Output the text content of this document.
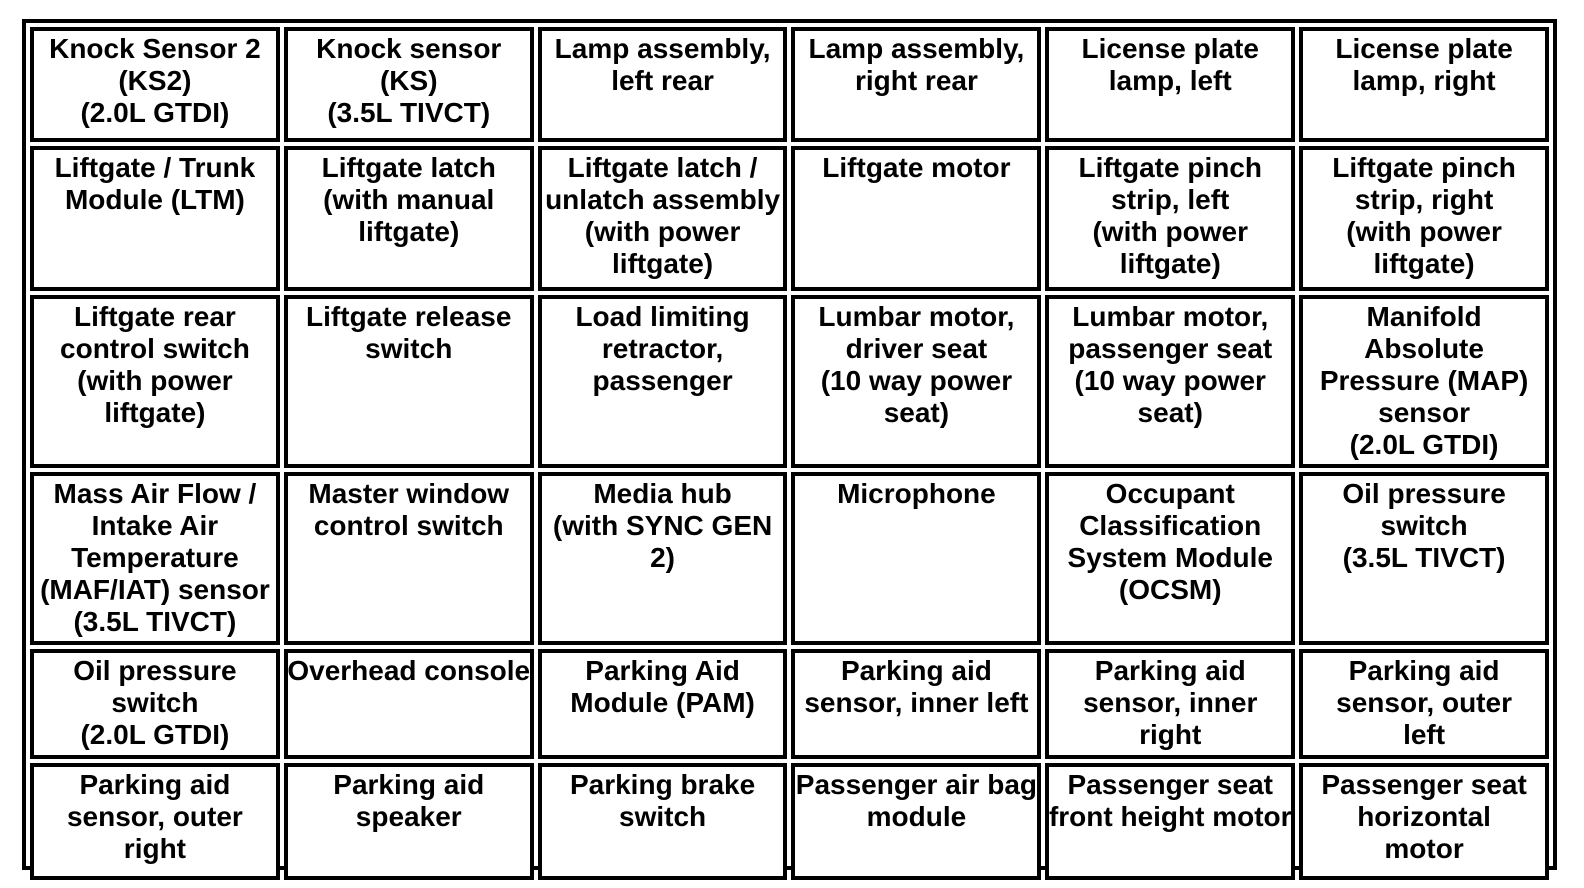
Knock Sensor 2
(KS2)
(2.0L GTDI)
Knock sensor
(KS)
(3.5L TIVCT)
Lamp assembly,
left rear
Lamp assembly,
right rear
License plate
lamp, left
License plate
lamp, right
Liftgate / Trunk
Module (LTM)
Liftgate latch
(with manual
liftgate)
Liftgate latch /
unlatch assembly
(with power
liftgate)
Liftgate motor Liftgate pinch
strip, left
(with power
liftgate)
Liftgate pinch
strip, right
(with power
liftgate)
Liftgate rear
control switch
(with power
liftgate)
Liftgate release
switch
Load limiting
retractor,
passenger
Lumbar motor,
driver seat
(10 way power
seat)
Lumbar motor,
passenger seat
(10 way power
seat)
Manifold
Absolute
Pressure (MAP)
sensor
(2.0L GTDI)
Mass Air Flow /
Intake Air
Temperature
(MAF/IAT) sensor
(3.5L TIVCT)
Master window
control switch
Media hub
(with SYNC GEN
2)
Microphone	Occupant
Classification
System Module
(OCSM)
Oil pressure
switch
(3.5L TIVCT)
Oil pressure
switch
(2.0L GTDI)
Overhead console Parking Aid
Module (PAM)
Parking aid
sensor, inner left
Parking aid
sensor, inner
right
Parking aid
sensor, outer
left
Parking aid
sensor, outer
right
Parking aid
speaker
Parking brake
switch
Passenger air bag
module
Passenger seat
front height motor
Passenger seat
horizontal
motor
